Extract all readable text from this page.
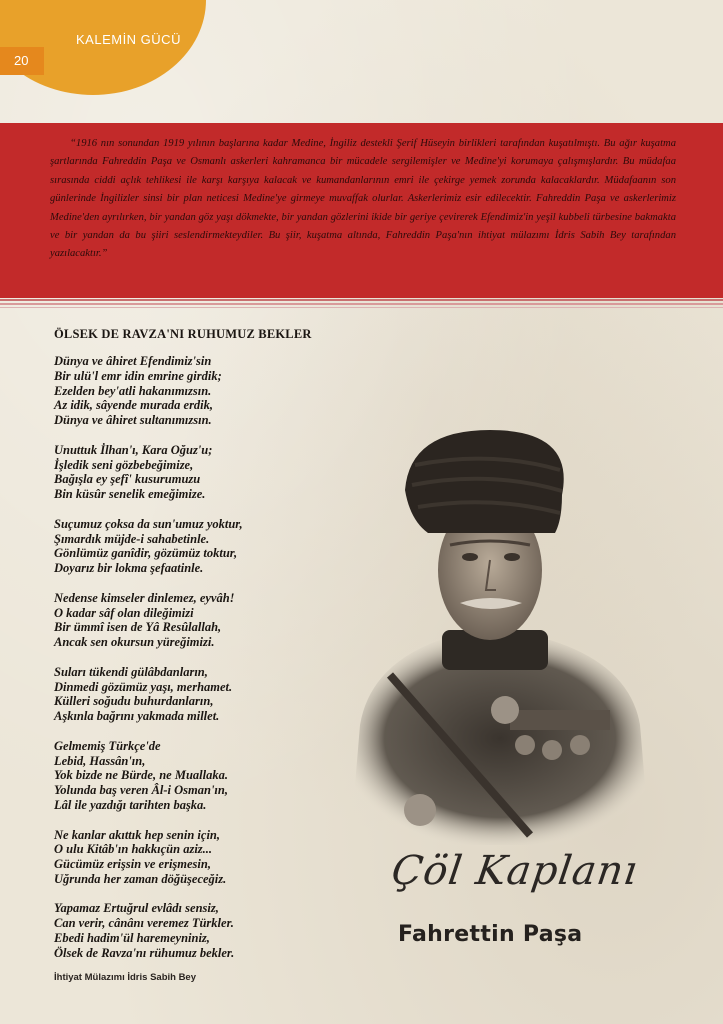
KALEMİN GÜCÜ
20
“1916 nın sonundan 1919 yılının başlarına kadar Medine, İngiliz destekli Şerif Hüseyin birlikleri tarafından kuşatılmıştı. Bu ağır kuşatma şartlarında Fahreddin Paşa ve Osmanlı askerleri kahramanca bir mücadele sergilemişler ve Medine'yi korumaya çalışmışlardır. Bu müdafaa sırasında ciddi açlık tehlikesi ile karşı karşıya kalacak ve kumandanlarının emri ile çekirge yemek zorunda kalacaklardır. Müdafaanın son günlerinde İngilizler sinsi bir plan neticesi Medine'ye girmeye muvaffak olurlar. Askerlerimiz esir edilecektir. Fahreddin Paşa ve askerlerimiz Medine'den ayrılırken, bir yandan göz yaşı dökmekte, bir yandan gözlerini ikide bir geriye çevirerek Efendimiz'in yeşil kubbeli türbesine bakmakta ve bir yandan da bu şiiri seslendirmekteydiler. Bu şiir, kuşatma altında, Fahreddin Paşa'nın ihtiyat mülazımı İdris Sabih Bey tarafından yazılacaktır.”
ÖLSEK DE RAVZA'NI RUHUMUZ BEKLER
Dünya ve âhiret Efendimiz'sin
Bir ulü'l emr idin emrine girdik;
Ezelden bey'atli hakanımızsın.
Az idik, sâyende murada erdik,
Dünya ve âhiret sultanımızsın.
Unuttuk İlhan'ı, Kara Oğuz'u;
İşledik seni gözbebeğimize,
Bağışla ey şefî' kusurumuzu
Bin küsûr senelik emeğimize.
Suçumuz çoksa da sun'umuz yoktur,
Şımardık müjde-i sahabetinle.
Gönlümüz ganîdir, gözümüz toktur,
Doyarız bir lokma şefaatinle.
Nedense kimseler dinlemez, eyvâh!
O kadar sâf olan dileğimizi
Bir ümmî isen de Yâ Resûlallah,
Ancak sen okursun yüreğimizi.
Suları tükendi gülâbdanların,
Dinmedi gözümüz yaşı, merhamet.
Külleri soğudu buhurdanların,
Aşkınla bağrını yakmada millet.
Gelmemiş Türkçe'de
Lebid, Hassân'ın,
Yok bizde ne Bürde, ne Muallaka.
Yolunda baş veren Âl-i Osman'ın,
Lâl ile yazdığı tarihten başka.
Ne kanlar akıttık hep senin için,
O ulu Kitâb'ın hakkıçün aziz...
Gücümüz erişsin ve erişmesin,
Uğrunda her zaman döğüşeceğiz.
Yapamaz Ertuğrul evlâdı sensiz,
Can verir, cânânı veremez Türkler.
Ebedi hadim'ül haremeyniniz,
Ölsek de Ravza'nı rühumuz bekler.
İhtiyat Mülazımı İdris Sabih Bey
Çöl Kaplanı
Fahrettin Paşa
